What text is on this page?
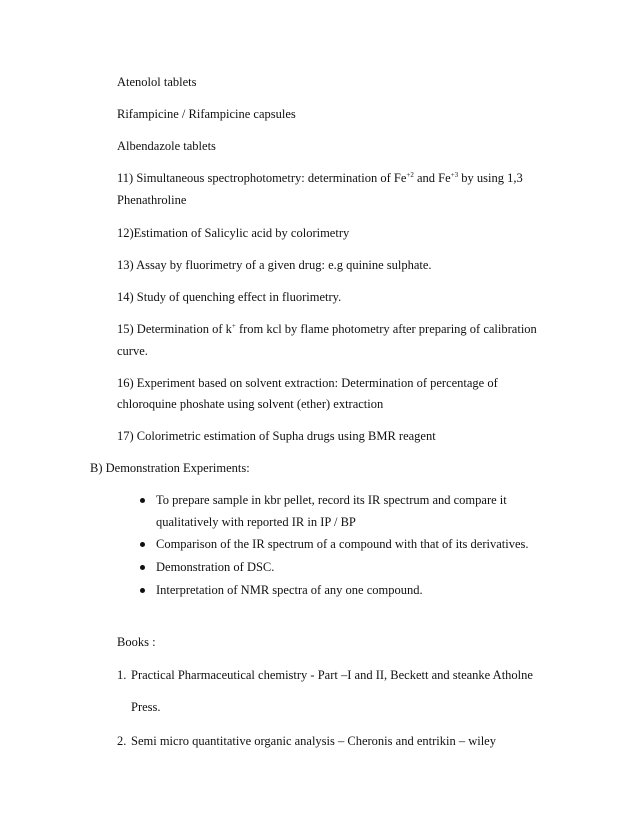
Atenolol tablets
Rifampicine / Rifampicine capsules
Albendazole tablets
11) Simultaneous spectrophotometry: determination of $Fe^{+2}$ and $Fe^{+3}$ by using 1,3
Phenathroline
12)Estimation of Salicylic acid by colorimetry
13) Assay by fluorimetry of a given drug: e.g quinine sulphate.
14) Study of quenching effect in fluorimetry.
15) Determination of k+ from kcl by flame photometry after preparing of calibration
curve.
16) Experiment based on solvent extraction: Determination of percentage of
chloroquine phoshate using solvent (ether) extraction
17) Colorimetric estimation of Supha drugs using BMR reagent
B) Demonstration Experiments:
To prepare sample in kbr pellet, record its IR spectrum and compare it
qualitatively with reported IR in IP / BP
Comparison of the IR spectrum of a compound with that of its derivatives.
Demonstration of DSC.
Interpretation of NMR spectra of any one compound.
Books :
1. Practical Pharmaceutical chemistry - Part –I and II, Beckett and steanke Atholne
Press.
2. Semi micro quantitative organic analysis – Cheronis and entrikin – wiley
